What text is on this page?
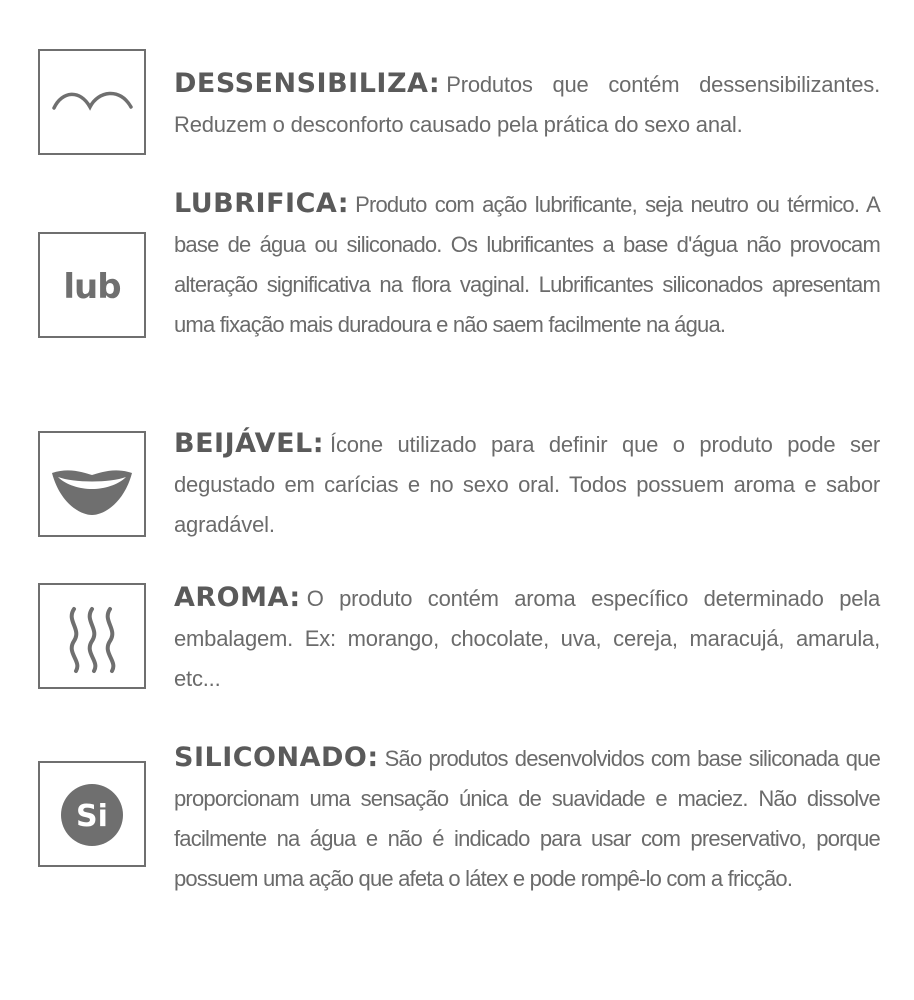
DESSENSIBILIZA: Produtos que contém dessensibilizantes. Reduzem o desconforto causado pela prática do sexo anal.
lub
LUBRIFICA: Produto com ação lubrificante, seja neutro ou térmico. A base de água ou siliconado. Os lubrificantes a base d'água não provocam alteração significativa na flora vaginal. Lubrificantes siliconados apresentam uma fixação mais duradoura e não saem facilmente na água.
BEIJÁVEL: Ícone utilizado para definir que o produto pode ser degustado em carícias e no sexo oral. Todos possuem aroma e sabor agradável.
AROMA: O produto contém aroma específico determinado pela embalagem. Ex: morango, chocolate, uva, cereja, maracujá, amarula, etc...
Si
SILICONADO: São produtos desenvolvidos com base siliconada que proporcionam uma sensação única de suavidade e maciez. Não dissolve facilmente na água e não é indicado para usar com preservativo, porque possuem uma ação que afeta o látex e pode rompê-lo com a fricção.
